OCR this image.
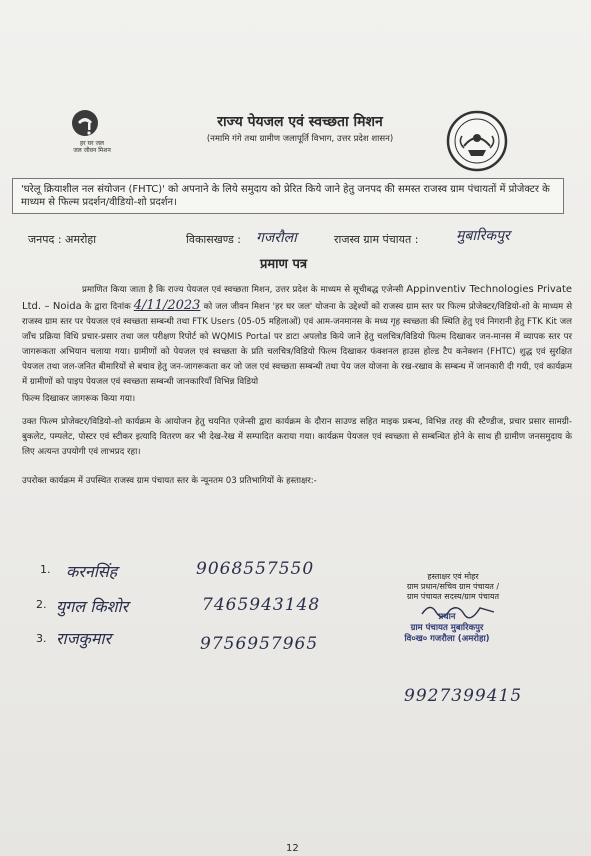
हर घर जल
जल जीवन मिशन
राज्य पेयजल एवं स्वच्छता मिशन
(नमामि गंगे तथा ग्रामीण जलापूर्ति विभाग, उत्तर प्रदेश शासन)
'घरेलू क्रियाशील नल संयोजन (FHTC)' को अपनाने के लिये समुदाय को प्रेरित किये जाने हेतु जनपद की समस्त राजस्व ग्राम पंचायतों में प्रोजेक्टर के माध्यम से फिल्म प्रदर्शन/वीडियो-शो प्रदर्शन।
जनपद : अमरोहा	विकासखण्ड : गजरौला	राजस्व ग्राम पंचायत :	मुबारिकपुर
प्रमाण पत्र

प्रमाणित किया जाता है कि राज्य पेयजल एवं स्वच्छता मिशन, उत्तर प्रदेश के माध्यम से सूचीबद्ध एजेन्सी Appinventiv Technologies Private Ltd. – Noida के द्वारा दिनांक 4/11/2023 को जल जीवन मिशन 'हर घर जल' योजना के उद्देश्यों को राजस्व ग्राम स्तर पर फिल्म प्रोजेक्टर/विडियो-शो के माध्यम से राजस्व ग्राम स्तर पर पेयजल एवं स्वच्छता सम्बन्धी तथा FTK Users (05-05 महिलाओं) एवं आम-जनमानस के मध्य गृह स्वच्छता की स्थिति हेतु एवं निगरानी हेतु FTK Kit जल जाँच प्रक्रिया विधि प्रचार-प्रसार तथा जल परीक्षण रिपोर्ट को WQMIS Portal पर डाटा अपलोड किये जाने हेतु चलचित्र/विडियो फिल्म दिखाकर जन-मानस में व्यापक स्तर पर जागरूकता अभियान चलाया गया। ग्रामीणों को पेयजल एवं स्वच्छता के प्रति चलचित्र/विडियो फिल्म दिखाकर फंक्शनल हाउस होल्ड टैप कनेक्शन (FHTC) शुद्ध एवं सुरक्षित पेयजल तथा जल-जनित बीमारियों से बचाव हेतु जन-जागरूकता कर जो जल एवं स्वच्छता सम्बन्धी तथा पेय जल योजना के रख-रखाव के सम्बन्ध में जानकारी दी गयी, एवं कार्यक्रम में ग्रामीणों को पाइप पेयजल एवं स्वच्छता सम्बन्धी जानकारियाँ विभिन्न विडियो

फिल्म दिखाकर जागरूक किया गया।

उक्त फिल्म प्रोजेक्टर/विडियो-शो कार्यक्रम के आयोजन हेतु चयनित एजेन्सी द्वारा कार्यक्रम के दौरान साउण्ड सहित माइक प्रबन्ध, विभिन्न तरह की स्टैण्डीज, प्रचार प्रसार सामग्री-बुकलेट, पम्पलेट, पोस्टर एवं स्टीकर इत्यादि वितरण कर भी देख-रेख में सम्पादित कराया गया। कार्यक्रम पेयजल एवं स्वच्छता से सम्बन्धित होने के साथ ही ग्रामीण जनसमुदाय के लिए अत्यन्त उपयोगी एवं लाभप्रद रहा।

उपरोक्त कार्यक्रम में उपस्थित राजस्व ग्राम पंचायत स्तर के न्यूनतम 03 प्रतिभागियों के हस्ताक्षर:-

1. करनसिंह	9068557550
2. युगल किशोर	7465943148
3. राजकुमार	9756957965
हस्ताक्षर एवं मोहर
ग्राम प्रधान/सचिव ग्राम पंचायत /
ग्राम पंचायत सदस्य/ग्राम पंचायत
प्रधान
ग्राम पंचायत मुबारिकपुर
वि०ख० गजरौला (अमरोहा)
9927399415
12
